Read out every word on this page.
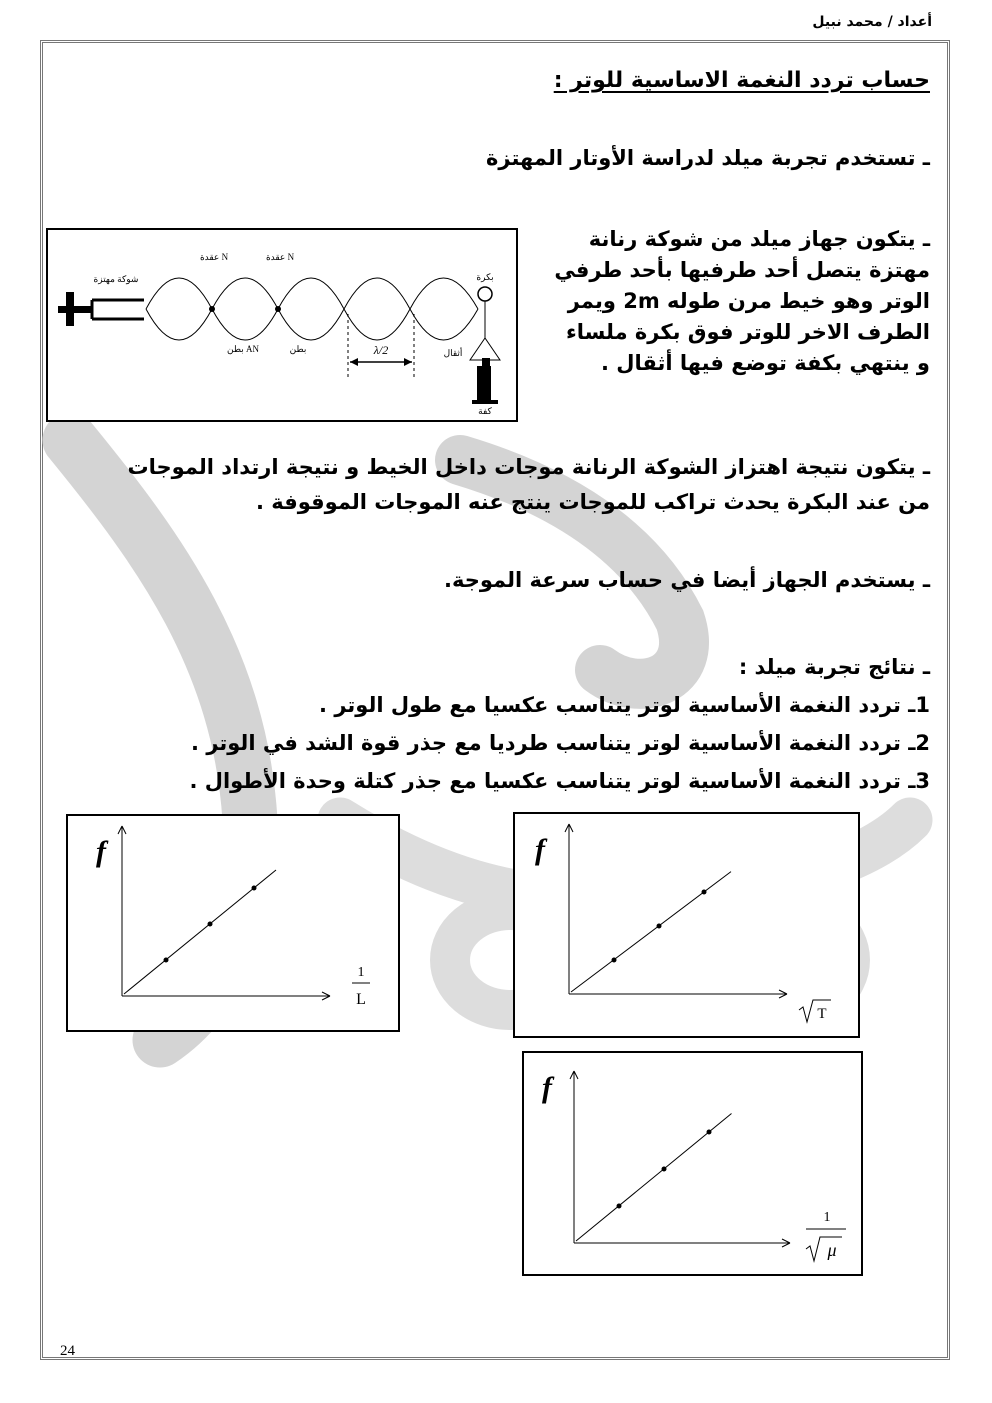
أعداد / محمد نبيل
حساب تردد النغمة الاساسية للوتر :
ـ تستخدم تجربة ميلد لدراسة الأوتار المهتزة
ـ يتكون جهاز ميلد من شوكة رنانة
مهتزة يتصل أحد طرفيها بأحد طرفي
الوتر وهو خيط مرن طوله 2m ويمر
الطرف الاخر للوتر فوق بكرة ملساء
و ينتهي بكفة توضع فيها أثقال .
λ/2
شوكة مهتزة
عقدة N	عقدة N
بكرة
بطن AN	بطن	أثقال
كفة
ـ يتكون نتيجة اهتزاز الشوكة الرنانة موجات داخل الخيط و نتيجة ارتداد الموجات
من عند البكرة يحدث تراكب للموجات ينتج عنه الموجات الموقوفة .
ـ يستخدم الجهاز أيضا في حساب سرعة الموجة.
ـ نتائج تجربة ميلد :
1ـ تردد النغمة الأساسية لوتر يتناسب عكسيا مع طول الوتر .
2ـ تردد النغمة الأساسية لوتر يتناسب طرديا مع جذر قوة الشد في الوتر .
3ـ تردد النغمة الأساسية لوتر يتناسب عكسيا مع جذر كتلة وحدة الأطوال .
f
1
L
f
T
f
1
μ
24
